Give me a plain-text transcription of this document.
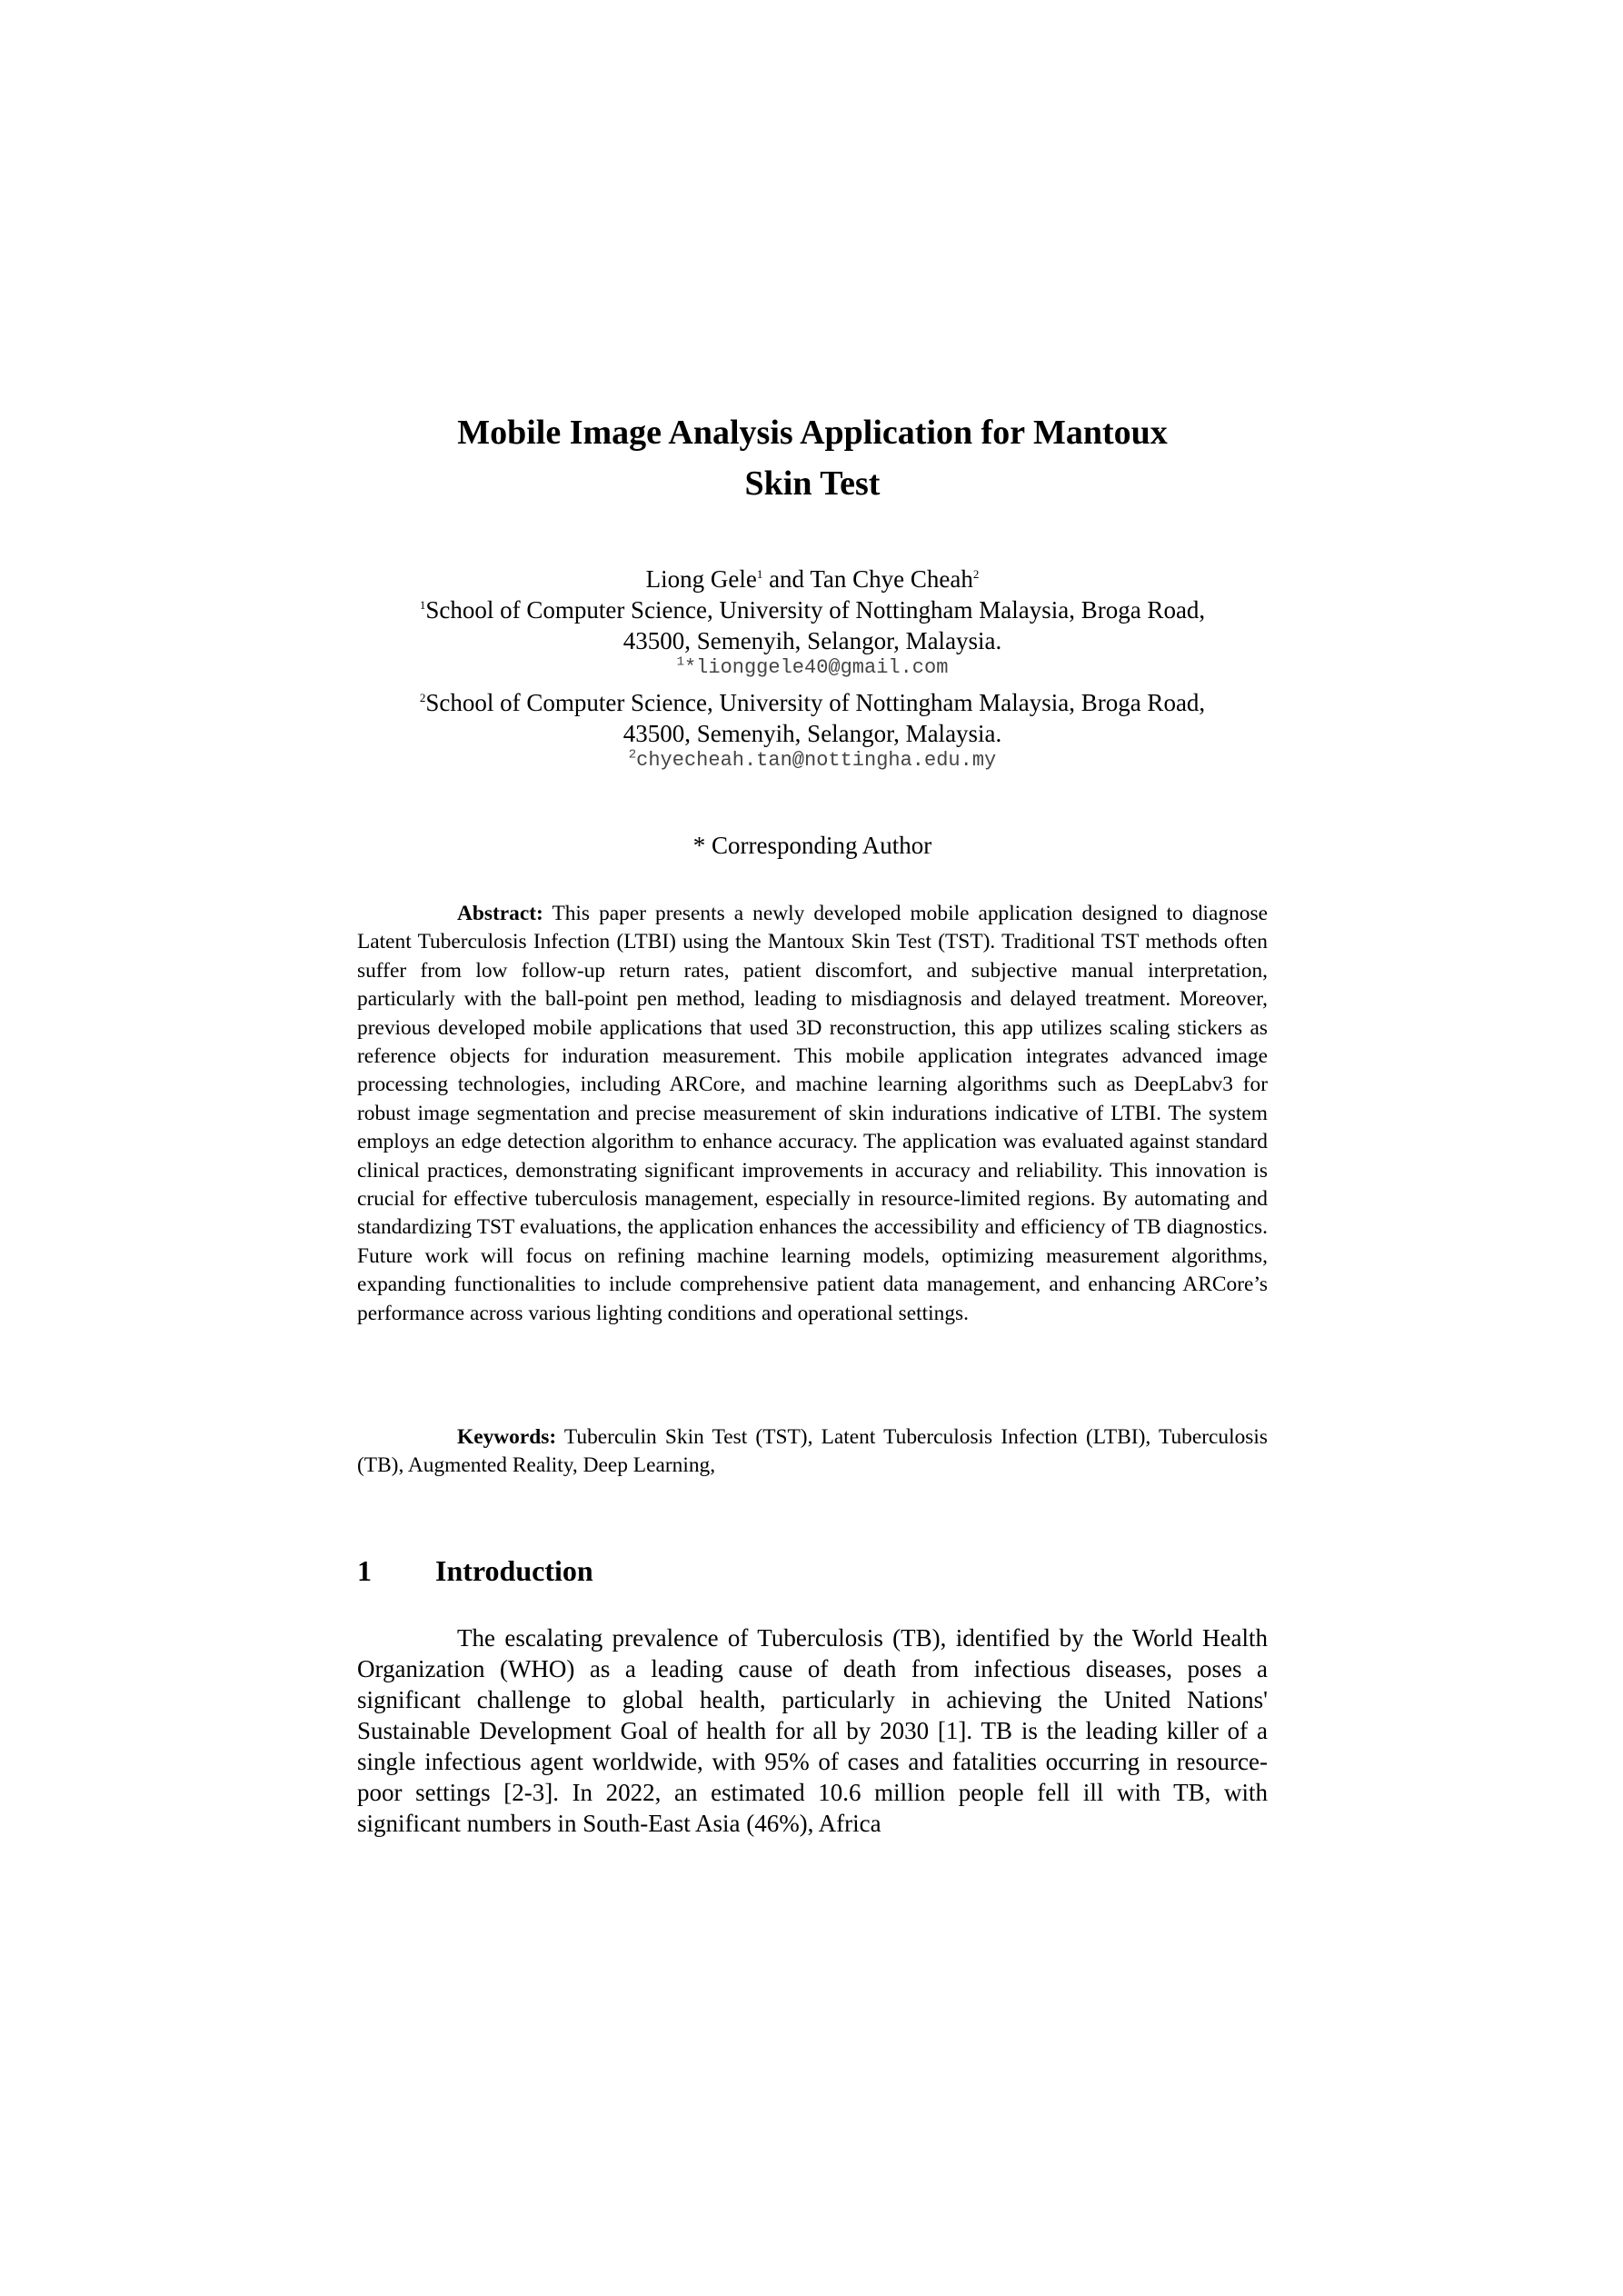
Mobile Image Analysis Application for Mantoux
Skin Test
Liong Gele$^1$ and Tan Chye Cheah$^2$
$^1$School of Computer Science, University of Nottingham Malaysia, Broga Road,
43500, Semenyih, Selangor, Malaysia.
$^1$*lionggele40@gmail.com
$^2$School of Computer Science, University of Nottingham Malaysia, Broga Road,
43500, Semenyih, Selangor, Malaysia.
$^2$chyecheah.tan@nottingha.edu.my
* Corresponding Author
Abstract: This paper presents a newly developed mobile application designed to diagnose Latent Tuberculosis Infection (LTBI) using the Mantoux Skin Test (TST). Traditional TST methods often suffer from low follow-up return rates, patient discomfort, and subjective manual interpretation, particularly with the ball-point pen method, leading to misdiagnosis and delayed treatment. Moreover, previous developed mobile applications that used 3D reconstruction, this app utilizes scaling stickers as reference objects for induration measurement. This mobile application integrates advanced image processing technologies, including ARCore, and machine learning algorithms such as DeepLabv3 for robust image segmentation and precise measurement of skin indurations indicative of LTBI. The system employs an edge detection algorithm to enhance accuracy. The application was evaluated against standard clinical practices, demonstrating significant improvements in accuracy and reliability. This innovation is crucial for effective tuberculosis management, especially in resource-limited regions. By automating and standardizing TST evaluations, the application enhances the accessibility and efficiency of TB diagnostics. Future work will focus on refining machine learning models, optimizing measurement algorithms, expanding functionalities to include comprehensive patient data management, and enhancing ARCore’s performance across various lighting conditions and operational settings.
Keywords: Tuberculin Skin Test (TST), Latent Tuberculosis Infection (LTBI), Tuberculosis (TB), Augmented Reality, Deep Learning,
1 Introduction
The escalating prevalence of Tuberculosis (TB), identified by the World Health Organization (WHO) as a leading cause of death from infectious diseases, poses a significant challenge to global health, particularly in achieving the United Nations' Sustainable Development Goal of health for all by 2030 [1]. TB is the leading killer of a single infectious agent worldwide, with 95% of cases and fatalities occurring in resource-poor settings [2-3]. In 2022, an estimated 10.6 million people fell ill with TB, with significant numbers in South-East Asia (46%), Africa
